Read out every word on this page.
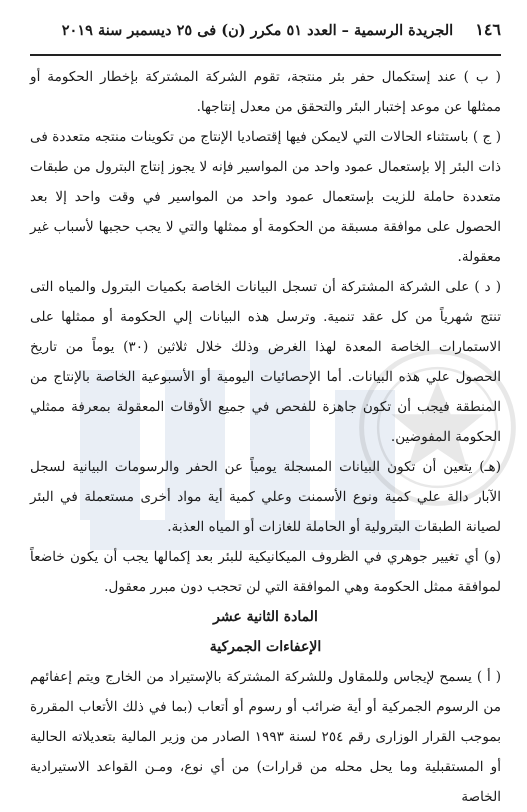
١٤٦
الجريدة الرسمية – العدد ٥١ مكرر (ن) فى ٢٥ ديسمبر سنة ٢٠١٩

( ب ) عند إستكمال حفر بئر منتجة، تقوم الشركة المشتركة بإخطار الحكومة أو ممثلها عن موعد إختبار البئر والتحقق من معدل إنتاجها.

( ج ) باستثناء الحالات التي لايمكن فيها إقتصاديا الإنتاج من تكوينات منتجه متعددة فى ذات البئر إلا بإستعمال عمود واحد من المواسير فإنه لا يجوز إنتاج البترول من طبقات متعددة حاملة للزيت بإستعمال عمود واحد من المواسير في وقت واحد إلا بعد الحصول على موافقة مسبقة من الحكومة أو ممثلها والتي لا يجب حجبها لأسباب غير معقولة.

( د ) على الشركة المشتركة أن تسجل البيانات الخاصة بكميات البترول والمياه التى تنتج شهرياً من كل عقد تنمية. وترسل هذه البيانات إلي الحكومة أو ممثلها على الاستمارات الخاصة المعدة لهذا الغرض وذلك خلال ثلاثين (٣٠) يوماً من تاريخ الحصول علي هذه البيانات. أما الإحصائيات اليومية أو الأسبوعية الخاصة بالإنتاج من المنطقة فيجب أن تكون جاهزة للفحص في جميع الأوقات المعقولة بمعرفة ممثلي الحكومة المفوضين.

(هـ) يتعين أن تكون البيانات المسجلة يومياً عن الحفر والرسومات البيانية لسجل الآبار دالة علي كمية ونوع الأسمنت وعلي كمية أية مواد أخرى مستعملة في البئر لصيانة الطبقات البترولية أو الحاملة للغازات أو المياه العذبة.

(و) أي تغيير جوهري في الظروف الميكانيكية للبئر بعد إكمالها يجب أن يكون خاضعاً لموافقة ممثل الحكومة وهي الموافقة التي لن تحجب دون مبرر معقول.

المادة الثانية عشر

الإعفاءات الجمركية

( أ ) يسمح لإيجاس وللمقاول وللشركة المشتركة بالإستيراد من الخارج ويتم إعفائهم من الرسوم الجمركية أو أية ضرائب أو رسوم أو أتعاب (بما في ذلك الأتعاب المقررة بموجب القرار الوزارى رقم ٢٥٤ لسنة ١٩٩٣ الصادر من وزير المالية بتعديلاته الحالية أو المستقبلية وما يحل محله من قرارات) من أي نوع، ومـن القواعد الاستيرادية الخاصة
